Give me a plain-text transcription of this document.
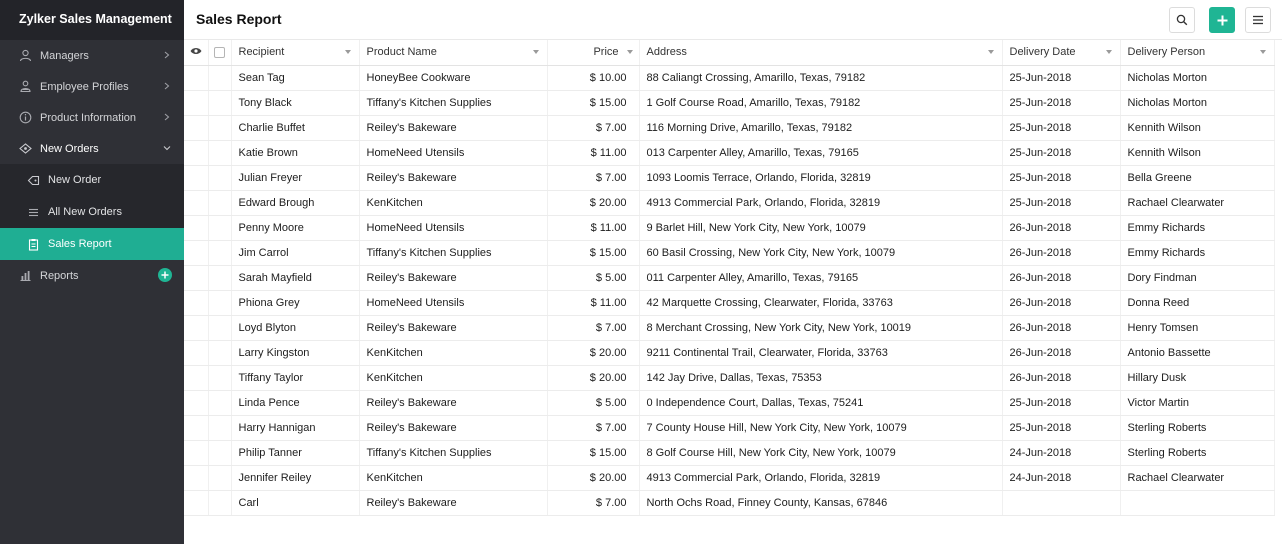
Zylker Sales Management
Managers
Employee Profiles
Product Information
New Orders
New Order
All New Orders
Sales Report
Reports
Sales Report
		Recipient	Product Name	Price	Address	Delivery Date	Delivery Person

		Sean Tag	HoneyBee Cookware	$ 10.00	88 Caliangt Crossing, Amarillo, Texas, 79182	25-Jun-2018	Nicholas Morton
		Tony Black	Tiffany's Kitchen Supplies	$ 15.00	1 Golf Course Road, Amarillo, Texas, 79182	25-Jun-2018	Nicholas Morton
		Charlie Buffet	Reiley's Bakeware	$ 7.00	116 Morning Drive, Amarillo, Texas, 79182	25-Jun-2018	Kennith Wilson
		Katie Brown	HomeNeed Utensils	$ 11.00	013 Carpenter Alley, Amarillo, Texas, 79165	25-Jun-2018	Kennith Wilson
		Julian Freyer	Reiley's Bakeware	$ 7.00	1093 Loomis Terrace, Orlando, Florida, 32819	25-Jun-2018	Bella Greene
		Edward Brough	KenKitchen	$ 20.00	4913 Commercial Park, Orlando, Florida, 32819	25-Jun-2018	Rachael Clearwater
		Penny Moore	HomeNeed Utensils	$ 11.00	9 Barlet Hill, New York City, New York, 10079	26-Jun-2018	Emmy Richards
		Jim Carrol	Tiffany's Kitchen Supplies	$ 15.00	60 Basil Crossing, New York City, New York, 10079	26-Jun-2018	Emmy Richards
		Sarah Mayfield	Reiley's Bakeware	$ 5.00	011 Carpenter Alley, Amarillo, Texas, 79165	26-Jun-2018	Dory Findman
		Phiona Grey	HomeNeed Utensils	$ 11.00	42 Marquette Crossing, Clearwater, Florida, 33763	26-Jun-2018	Donna Reed
		Loyd Blyton	Reiley's Bakeware	$ 7.00	8 Merchant Crossing, New York City, New York, 10019	26-Jun-2018	Henry Tomsen
		Larry Kingston	KenKitchen	$ 20.00	9211 Continental Trail, Clearwater, Florida, 33763	26-Jun-2018	Antonio Bassette
		Tiffany Taylor	KenKitchen	$ 20.00	142 Jay Drive, Dallas, Texas, 75353	26-Jun-2018	Hillary Dusk
		Linda Pence	Reiley's Bakeware	$ 5.00	0 Independence Court, Dallas, Texas, 75241	25-Jun-2018	Victor Martin
		Harry Hannigan	Reiley's Bakeware	$ 7.00	7 County House Hill, New York City, New York, 10079	25-Jun-2018	Sterling Roberts
		Philip Tanner	Tiffany's Kitchen Supplies	$ 15.00	8 Golf Course Hill, New York City, New York, 10079	24-Jun-2018	Sterling Roberts
		Jennifer Reiley	KenKitchen	$ 20.00	4913 Commercial Park, Orlando, Florida, 32819	24-Jun-2018	Rachael Clearwater
		Carl	Reiley's Bakeware	$ 7.00	North Ochs Road, Finney County, Kansas, 67846		
